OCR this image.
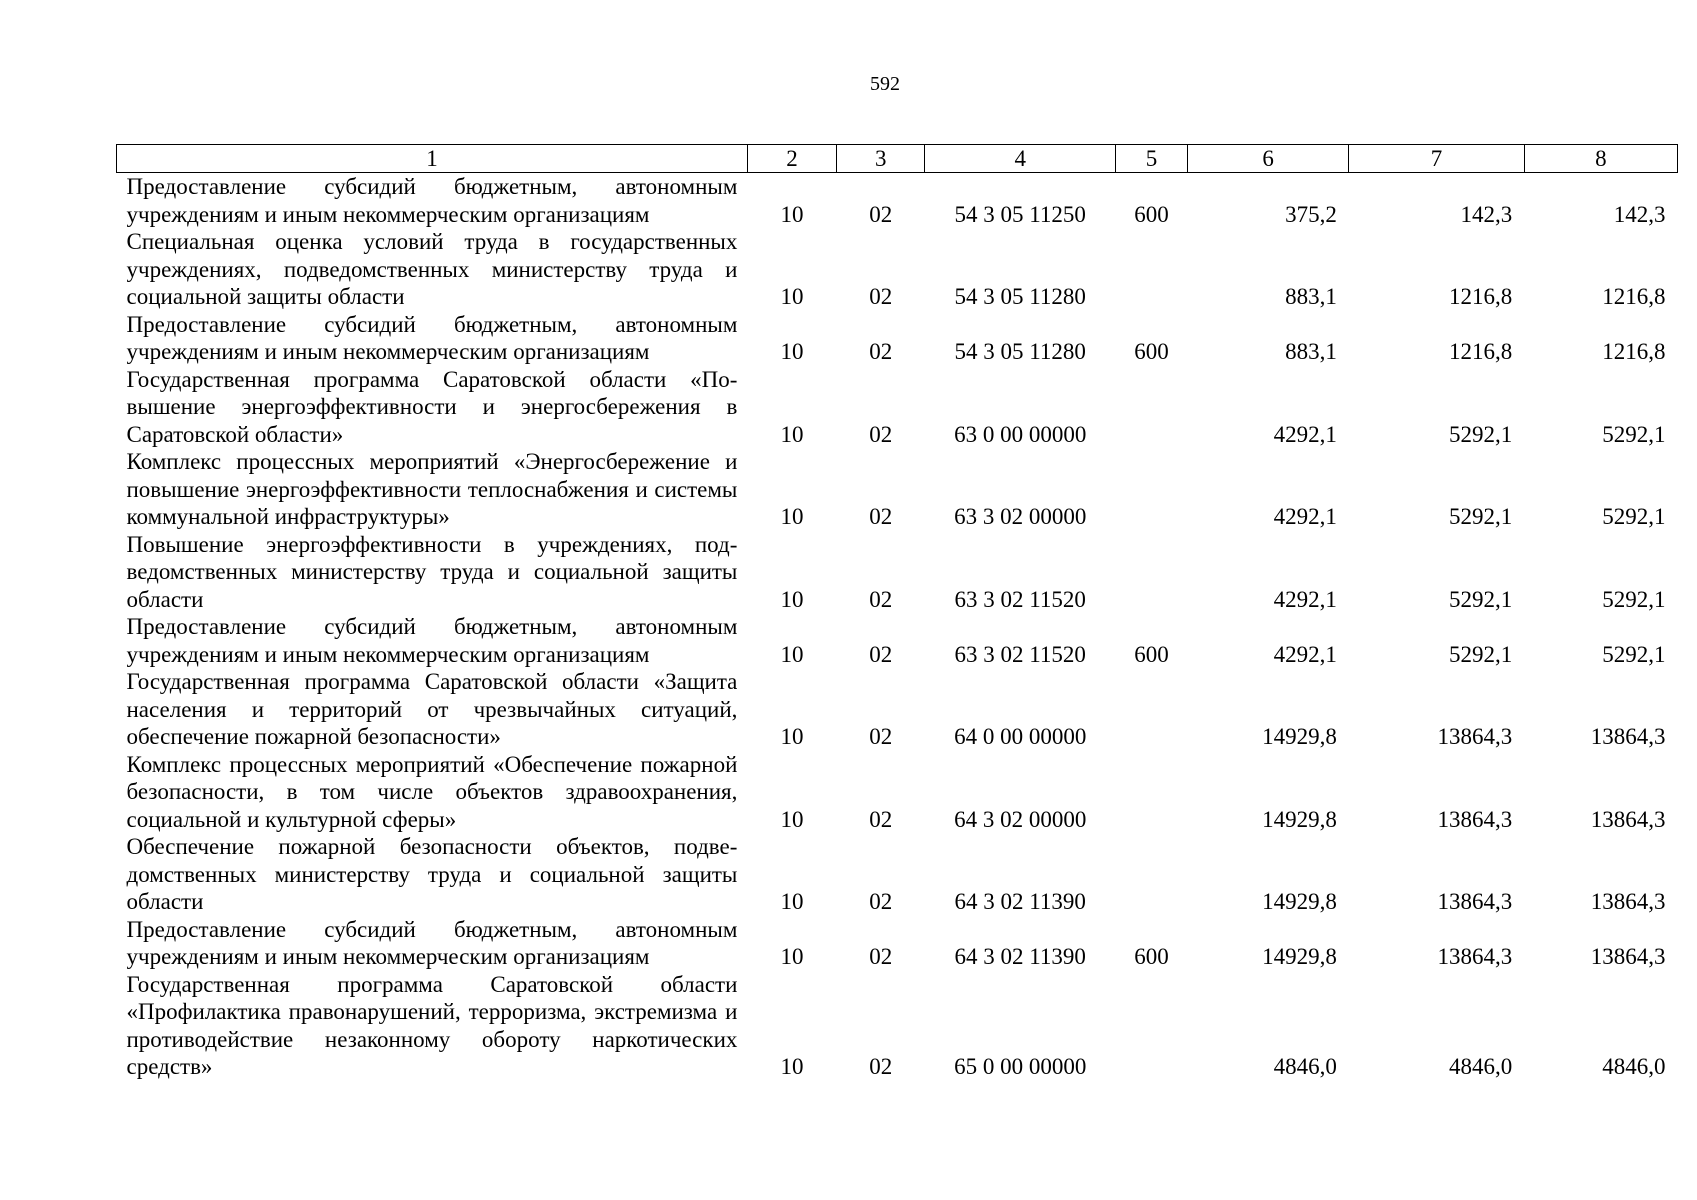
592
1	2	3	4	5	6	7	8
Предоставление субсидий бюджетным, автономным учреждениям и иным некоммерческим организациям	10	02	54 3 05 11250	600	375,2	142,3	142,3
Специальная оценка условий труда в государственных учреждениях, подведомственных министерству труда и социальной защиты области	10	02	54 3 05 11280		883,1	1216,8	1216,8
Предоставление субсидий бюджетным, автономным учреждениям и иным некоммерческим организациям	10	02	54 3 05 11280	600	883,1	1216,8	1216,8
Государственная программа Саратовской области «Повышение энергоэффективности и энергосбережения в Саратовской области»	10	02	63 0 00 00000		4292,1	5292,1	5292,1
Комплекс процессных мероприятий «Энергосбережение и повышение энергоэффективности теплоснабжения и системы коммунальной инфраструктуры»	10	02	63 3 02 00000		4292,1	5292,1	5292,1
Повышение энергоэффективности в учреждениях, подведомственных министерству труда и социальной защиты области	10	02	63 3 02 11520		4292,1	5292,1	5292,1
Предоставление субсидий бюджетным, автономным учреждениям и иным некоммерческим организациям	10	02	63 3 02 11520	600	4292,1	5292,1	5292,1
Государственная программа Саратовской области «Защита населения и территорий от чрезвычайных ситуаций, обеспечение пожарной безопасности»	10	02	64 0 00 00000		14929,8	13864,3	13864,3
Комплекс процессных мероприятий «Обеспечение пожарной безопасности, в том числе объектов здравоохранения, социальной и культурной сферы»	10	02	64 3 02 00000		14929,8	13864,3	13864,3
Обеспечение пожарной безопасности объектов, подведомственных министерству труда и социальной защиты области	10	02	64 3 02 11390		14929,8	13864,3	13864,3
Предоставление субсидий бюджетным, автономным учреждениям и иным некоммерческим организациям	10	02	64 3 02 11390	600	14929,8	13864,3	13864,3
Государственная программа Саратовской области «Профилактика правонарушений, терроризма, экстремизма и противодействие незаконному обороту наркотических средств»	10	02	65 0 00 00000		4846,0	4846,0	4846,0
